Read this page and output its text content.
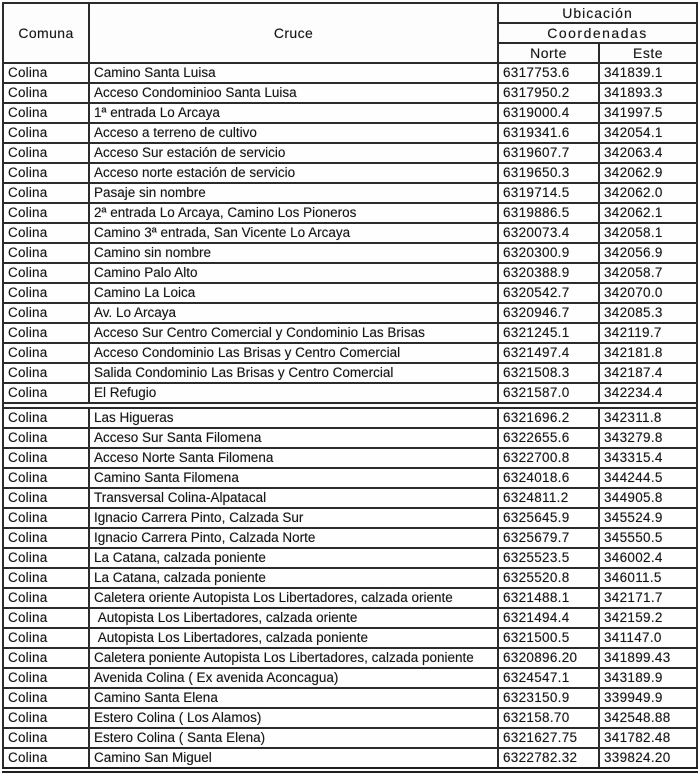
Comuna	Cruce	Ubicación	
		Coordenadas	
		Norte	Este
Colina	Camino Santa Luisa	6317753.6	341839.1
Colina	Acceso Condominioo Santa Luisa	6317950.2	341893.3
Colina	1ª entrada Lo Arcaya	6319000.4	341997.5
Colina	Acceso a terreno de cultivo	6319341.6	342054.1
Colina	Acceso Sur estación de servicio	6319607.7	342063.4
Colina	Acceso norte estación de servicio	6319650.3	342062.9
Colina	Pasaje sin nombre	6319714.5	342062.0
Colina	2ª entrada Lo Arcaya, Camino Los Pioneros	6319886.5	342062.1
Colina	Camino 3ª entrada, San Vicente Lo Arcaya	6320073.4	342058.1
Colina	Camino sin nombre	6320300.9	342056.9
Colina	Camino Palo Alto	6320388.9	342058.7
Colina	Camino La Loica	6320542.7	342070.0
Colina	Av. Lo Arcaya	6320946.7	342085.3
Colina	Acceso Sur Centro Comercial y Condominio Las Brisas	6321245.1	342119.7
Colina	Acceso Condominio Las Brisas y Centro Comercial	6321497.4	342181.8
Colina	Salida Condominio Las Brisas y Centro Comercial	6321508.3	342187.4
Colina	El Refugio	6321587.0	342234.4

Colina	Las Higueras	6321696.2	342311.8
Colina	Acceso Sur Santa Filomena	6322655.6	343279.8
Colina	Acceso Norte Santa Filomena	6322700.8	343315.4
Colina	Camino Santa Filomena	6324018.6	344244.5
Colina	Transversal Colina-Alpatacal	6324811.2	344905.8
Colina	Ignacio Carrera Pinto, Calzada Sur	6325645.9	345524.9
Colina	Ignacio Carrera Pinto, Calzada Norte	6325679.7	345550.5
Colina	La Catana, calzada poniente	6325523.5	346002.4
Colina	La Catana, calzada poniente	6325520.8	346011.5
Colina	Caletera oriente Autopista Los Libertadores, calzada oriente	6321488.1	342171.7
Colina	Autopista Los Libertadores, calzada oriente	6321494.4	342159.2
Colina	Autopista Los Libertadores, calzada poniente	6321500.5	341147.0
Colina	Caletera poniente Autopista Los Libertadores, calzada poniente	6320896.20	341899.43
Colina	Avenida Colina ( Ex avenida Aconcagua)	6324547.1	343189.9
Colina	Camino Santa Elena	6323150.9	339949.9
Colina	Estero Colina ( Los Alamos)	632158.70	342548.88
Colina	Estero Colina ( Santa Elena)	6321627.75	341782.48
Colina	Camino San Miguel	6322782.32	339824.20
